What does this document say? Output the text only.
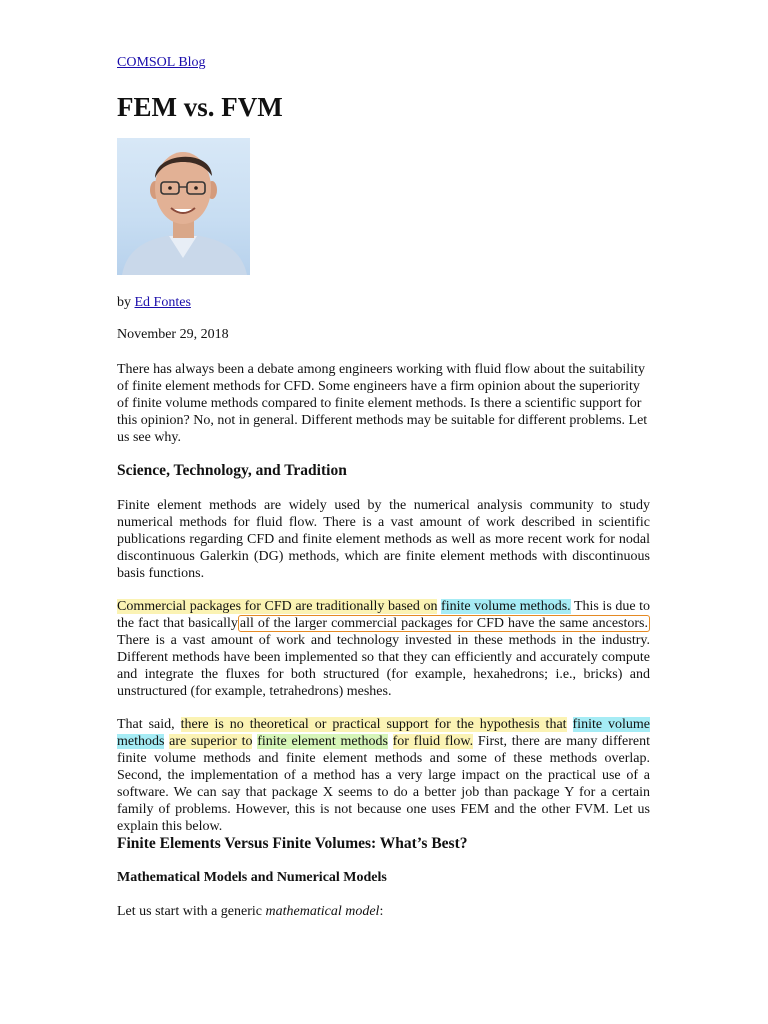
COMSOL Blog
FEM vs. FVM
by Ed Fontes
November 29, 2018

There has always been a debate among engineers working with fluid flow about the suitability of finite element methods for CFD. Some engineers have a firm opinion about the superiority of finite volume methods compared to finite element methods. Is there a scientific support for this opinion? No, not in general. Different methods may be suitable for different problems. Let us see why.

Science, Technology, and Tradition

Finite element methods are widely used by the numerical analysis community to study numerical methods for fluid flow. There is a vast amount of work described in scientific publications regarding CFD and finite element methods as well as more recent work for nodal discontinuous Galerkin (DG) methods, which are finite element methods with discontinuous basis functions.

Commercial packages for CFD are traditionally based on finite volume methods. This is due to the fact that basically all of the larger commercial packages for CFD have the same ancestors. There is a vast amount of work and technology invested in these methods in the industry. Different methods have been implemented so that they can efficiently and accurately compute and integrate the fluxes for both structured (for example, hexahedrons; i.e., bricks) and unstructured (for example, tetrahedrons) meshes.

That said, there is no theoretical or practical support for the hypothesis that finite volume methods are superior to finite element methods for fluid flow. First, there are many different finite volume methods and finite element methods and some of these methods overlap. Second, the implementation of a method has a very large impact on the practical use of a software. We can say that package X seems to do a better job than package Y for a certain family of problems. However, this is not because one uses FEM and the other FVM. Let us explain this below.

Finite Elements Versus Finite Volumes: What’s Best?
Mathematical Models and Numerical Models

Let us start with a generic mathematical model:
